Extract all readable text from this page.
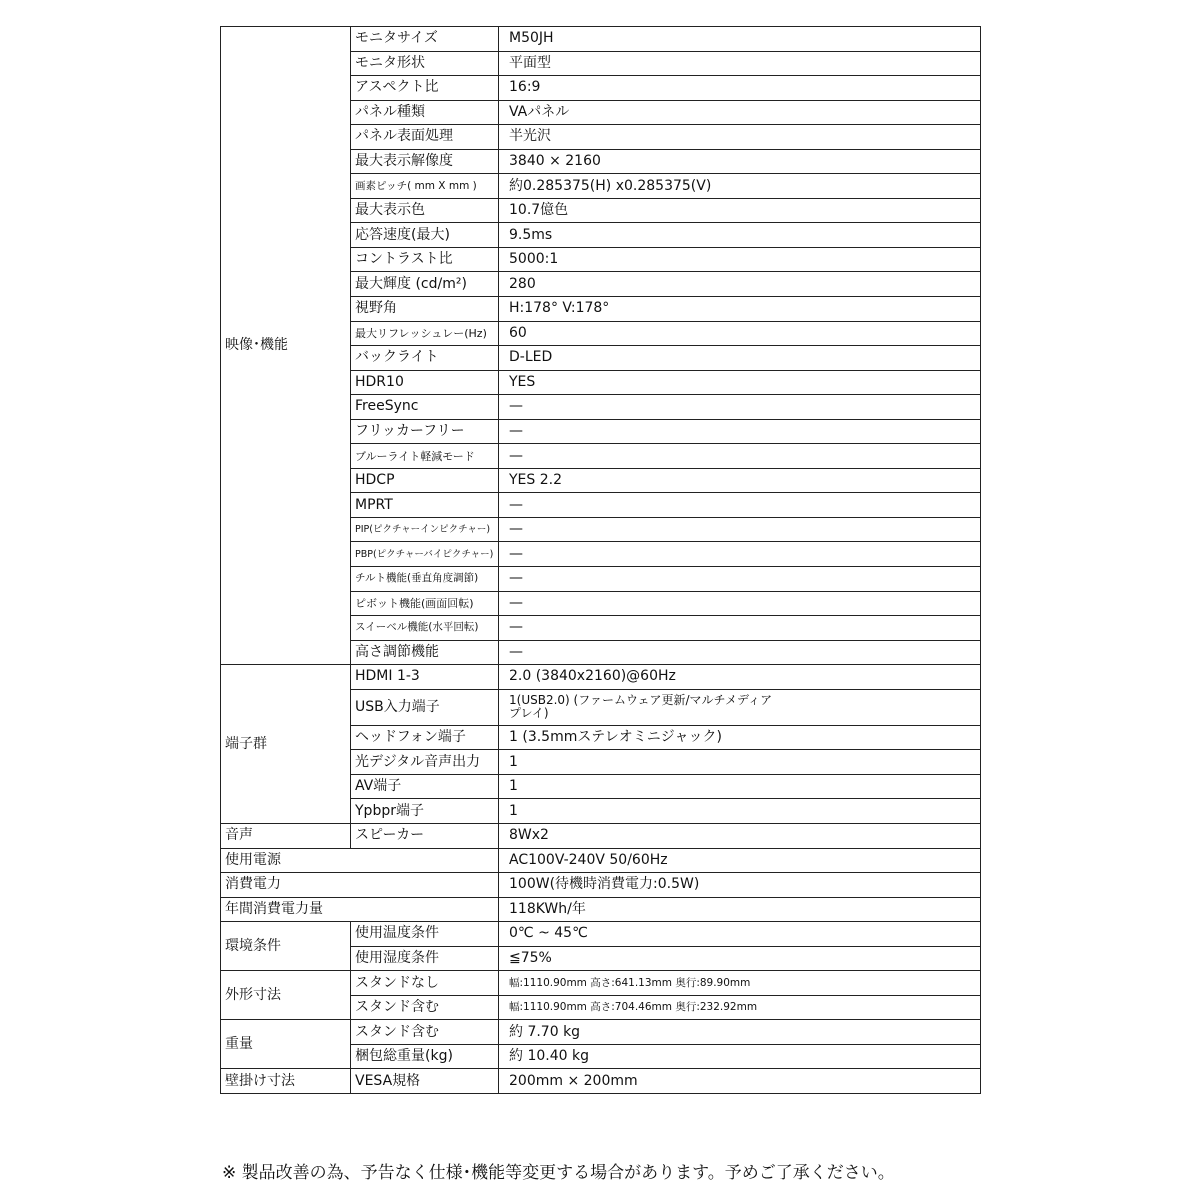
映像･機能	モニタサイズ	M50JH
	モニタ形状	平面型
	アスペクト比	16:9
	パネル種類	VAパネル
	パネル表面処理	半光沢
	最大表示解像度	3840 × 2160
	画素ピッチ( mm X mm )	約0.285375(H) x0.285375(V)
	最大表示色	10.7億色
	応答速度(最大)	9.5ms
	コントラスト比	5000:1
	最大輝度 (cd/m²)	280
	視野角	H:178° V:178°
	最大リフレッシュレー(Hz)	60
	バックライト	D-LED
	HDR10	YES
	FreeSync	—
	フリッカーフリー	—
	ブルーライト軽減モード	—
	HDCP	YES 2.2
	MPRT	—
	PIP(ピクチャーインピクチャー)	—
	PBP(ピクチャーバイピクチャー)	—
	チルト機能(垂直角度調節)	—
	ピボット機能(画面回転)	—
	スイーベル機能(水平回転)	—
	高さ調節機能	—
端子群	HDMI 1-3	2.0 (3840x2160)@60Hz
	USB入力端子	1(USB2.0) (ファームウェア更新/マルチメディアプレイ)
	ヘッドフォン端子	1 (3.5mmステレオミニジャック)
	光デジタル音声出力	1
	AV端子	1
	Ypbpr端子	1
音声	スピーカー	8Wx2
使用電源		AC100V-240V 50/60Hz
消費電力		100W(待機時消費電力:0.5W)
年間消費電力量		118KWh/年
環境条件	使用温度条件	0℃ ~ 45℃
	使用湿度条件	≦75%
外形寸法	スタンドなし	幅:1110.90mm 高さ:641.13mm 奥行:89.90mm
	スタンド含む	幅:1110.90mm 高さ:704.46mm 奥行:232.92mm
重量	スタンド含む	約 7.70 kg
	梱包総重量(kg)	約 10.40 kg
壁掛け寸法	VESA規格	200mm × 200mm
※ 製品改善の為、予告なく仕様･機能等変更する場合があります。予めご了承ください。
